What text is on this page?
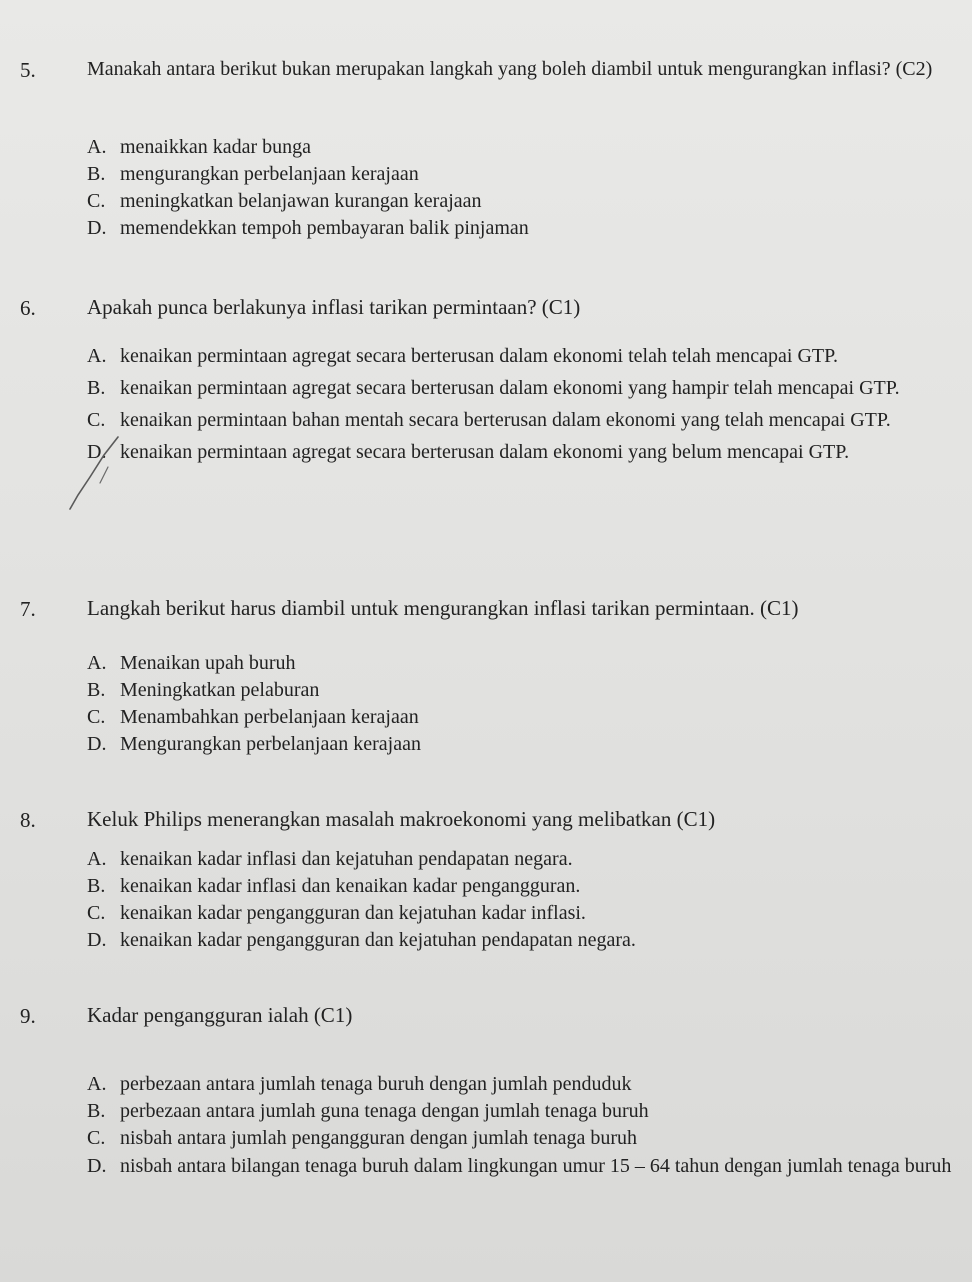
5.	Manakah antara berikut bukan merupakan langkah yang boleh diambil untuk mengurangkan inflasi? (C2)
A. menaikkan kadar bunga
B. mengurangkan perbelanjaan kerajaan
C. meningkatkan belanjawan kurangan kerajaan
D. memendekkan tempoh pembayaran balik pinjaman
6. Apakah punca berlakunya inflasi tarikan permintaan? (C1)
A. kenaikan permintaan agregat secara berterusan dalam ekonomi telah telah mencapai GTP.
B. kenaikan permintaan agregat secara berterusan dalam ekonomi yang hampir telah mencapai GTP.
C. kenaikan permintaan bahan mentah secara berterusan dalam ekonomi yang telah mencapai GTP.
D. kenaikan permintaan agregat secara berterusan dalam ekonomi yang belum mencapai GTP.
7. Langkah berikut harus diambil untuk mengurangkan inflasi tarikan permintaan. (C1)
A. Menaikan upah buruh
B. Meningkatkan pelaburan
C. Menambahkan perbelanjaan kerajaan
D. Mengurangkan perbelanjaan kerajaan
8. Keluk Philips menerangkan masalah makroekonomi yang melibatkan (C1)
A. kenaikan kadar inflasi dan kejatuhan pendapatan negara.
B. kenaikan kadar inflasi dan kenaikan kadar pengangguran.
C. kenaikan kadar pengangguran dan kejatuhan kadar inflasi.
D. kenaikan kadar pengangguran dan kejatuhan pendapatan negara.
9. Kadar pengangguran ialah (C1)
A. perbezaan antara jumlah tenaga buruh dengan jumlah penduduk
B. perbezaan antara jumlah guna tenaga dengan jumlah tenaga buruh
C. nisbah antara jumlah pengangguran dengan jumlah tenaga buruh
D. nisbah antara bilangan tenaga buruh dalam lingkungan umur 15 – 64 tahun dengan jumlah tenaga buruh
